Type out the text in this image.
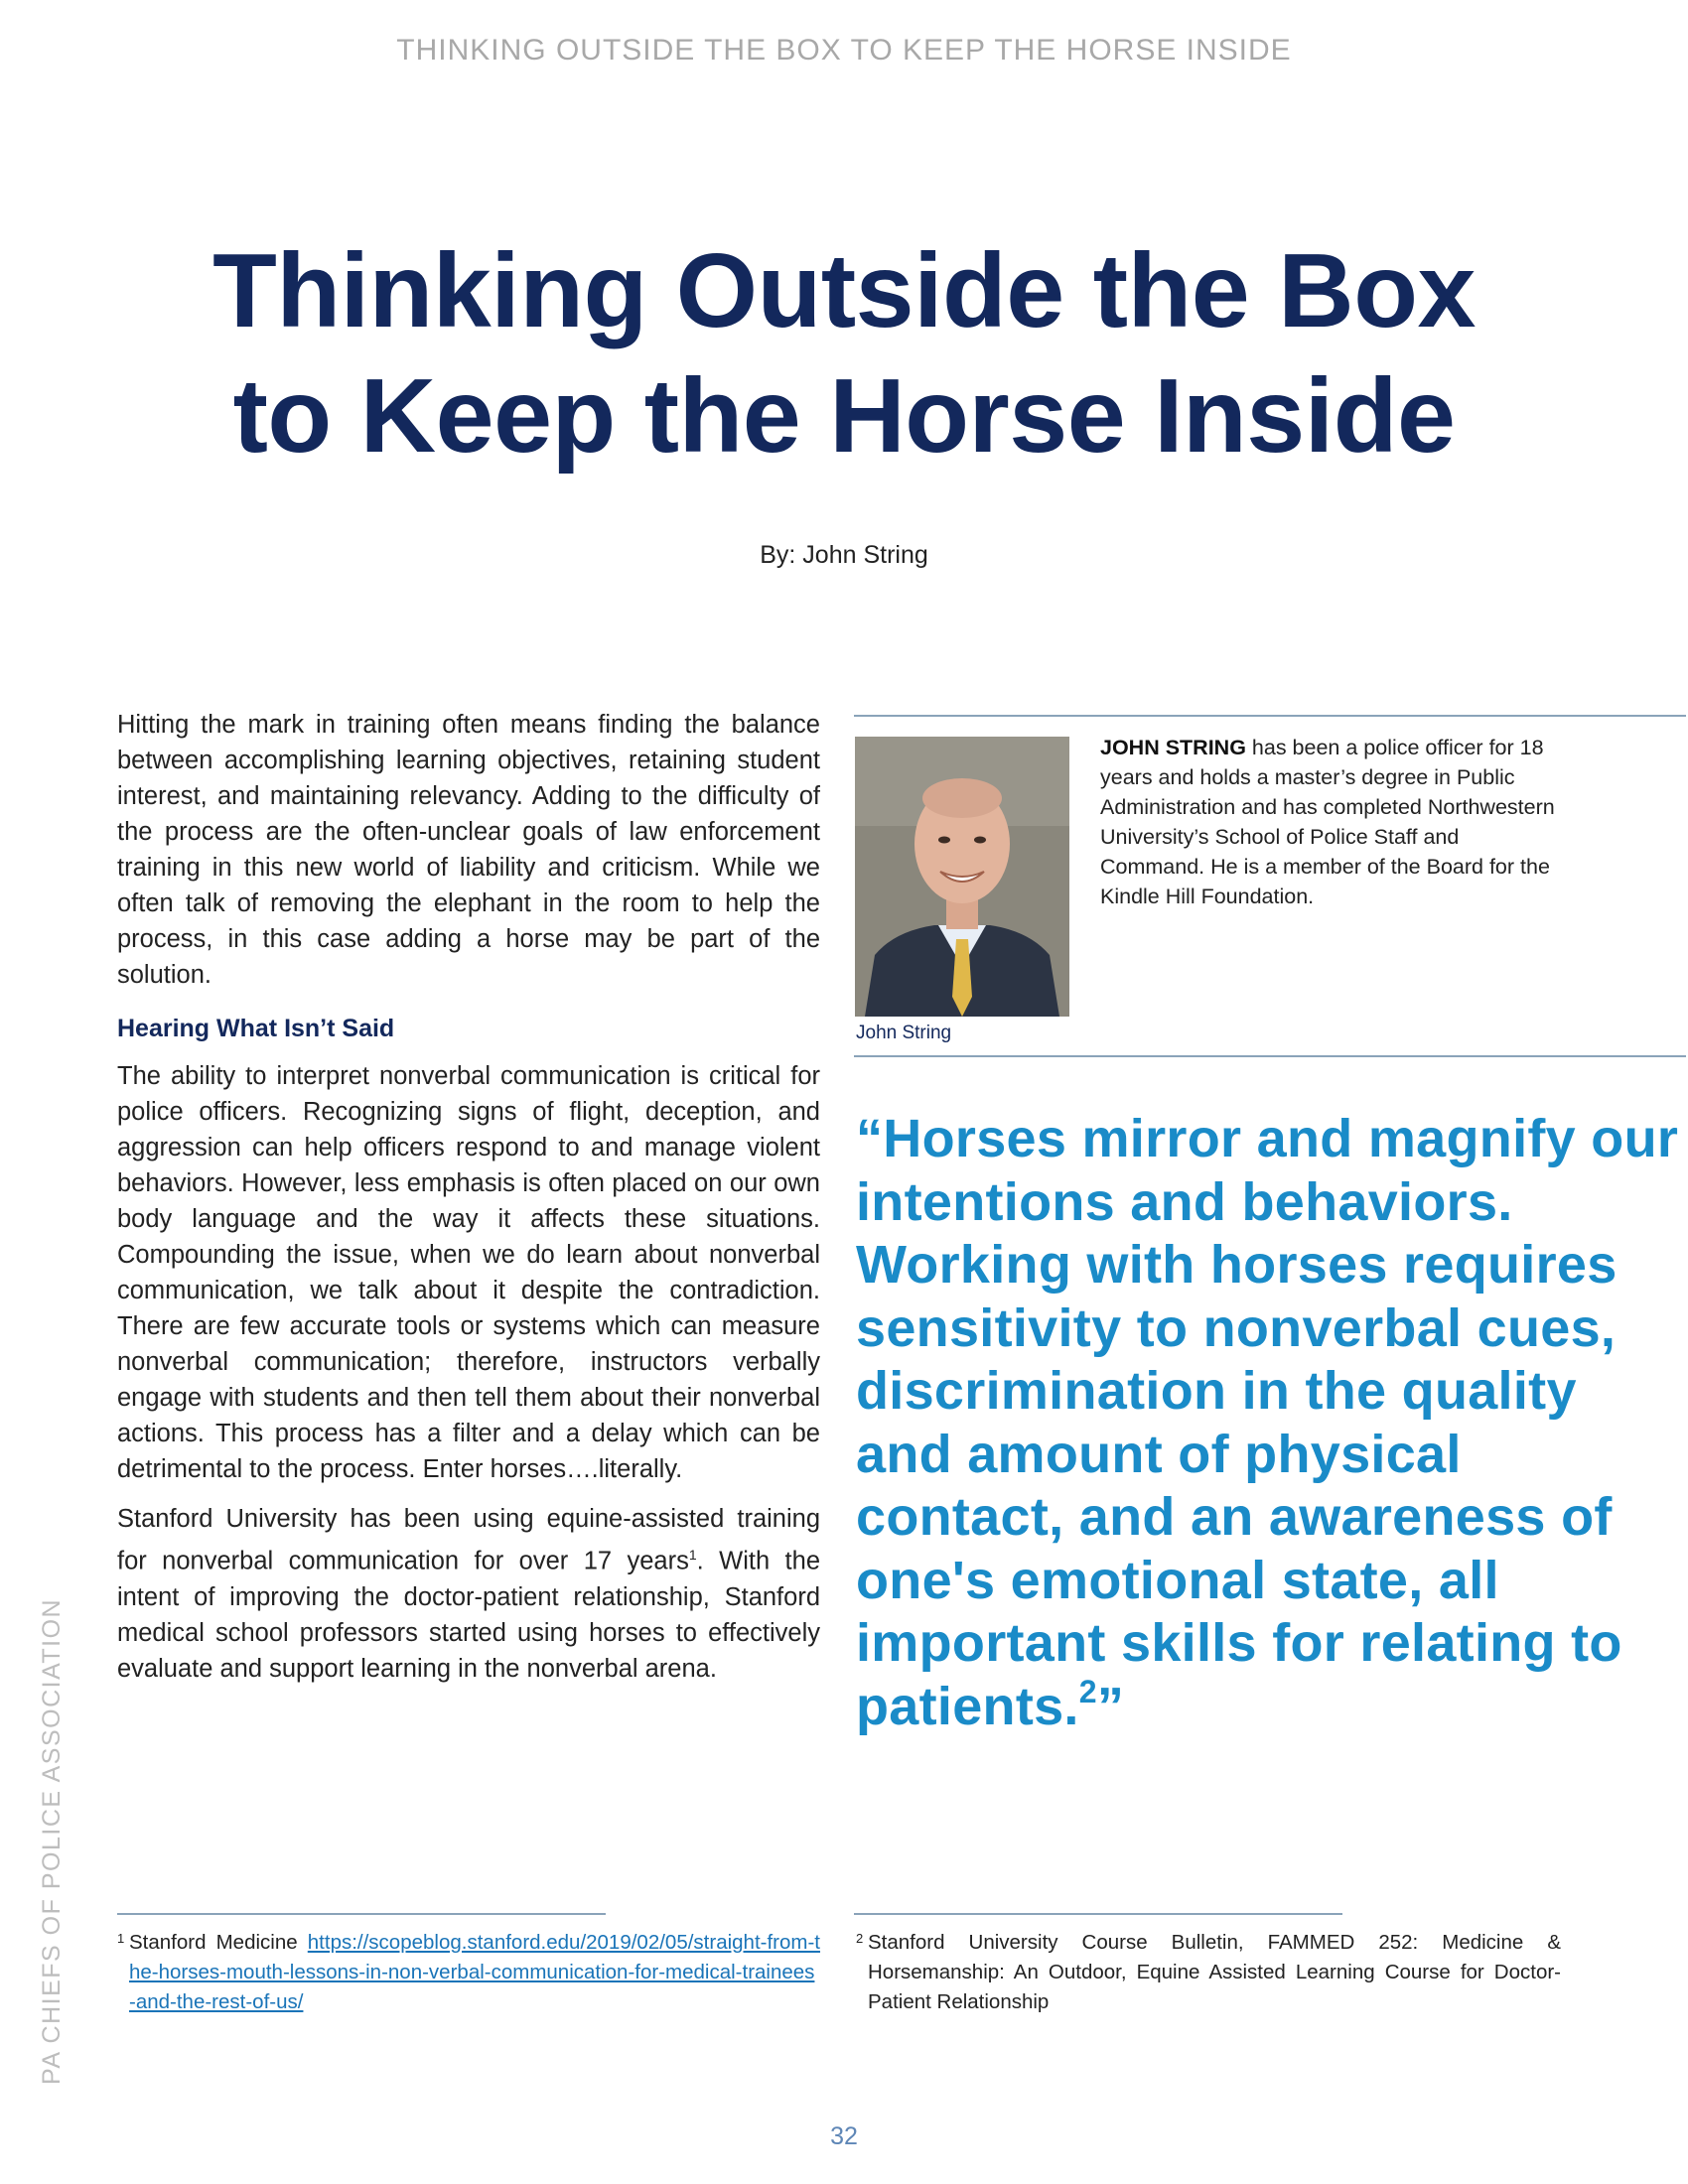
THINKING OUTSIDE THE BOX TO KEEP THE HORSE INSIDE
Thinking Outside the Box
to Keep the Horse Inside
By: John String

Hitting the mark in training often means finding the balance between accomplishing learning objectives, retaining student interest, and maintaining relevancy. Adding to the difficulty of the process are the often-unclear goals of law enforcement training in this new world of liability and criticism. While we often talk of removing the elephant in the room to help the process, in this case adding a horse may be part of the solution.

Hearing What Isn’t Said

The ability to interpret nonverbal communication is critical for police officers. Recognizing signs of flight, deception, and aggression can help officers respond to and manage violent behaviors. However, less emphasis is often placed on our own body language and the way it affects these situations. Compounding the issue, when we do learn about nonverbal communication, we talk about it despite the contradiction. There are few accurate tools or systems which can measure nonverbal communication; therefore, instructors verbally engage with students and then tell them about their nonverbal actions. This process has a filter and a delay which can be detrimental to the process. Enter horses….literally.

Stanford University has been using equine-assisted training for nonverbal communication for over 17 years$^1$. With the intent of improving the doctor-patient relationship, Stanford medical school professors started using horses to effectively evaluate and support learning in the nonverbal arena.

John String
JOHN STRING has been a police officer for 18 years and holds a master’s degree in Public Administration and has completed Northwestern University’s School of Police Staff and Command. He is a member of the Board for the Kindle Hill Foundation.
“Horses mirror and magnify our intentions and behaviors. Working with horses requires sensitivity to nonverbal cues, discrimination in the quality and amount of physical contact, and an awareness of one's emotional state, all important skills for relating to patients.$^2$”
1 Stanford Medicine https://scopeblog.stanford.edu/2019/02/05/straight-from-the-horses-mouth-lessons-in-non-verbal-communication-for-medical-trainees-and-the-rest-of-us/
2 Stanford University Course Bulletin, FAMMED 252: Medicine & Horsemanship: An Outdoor, Equine Assisted Learning Course for Doctor-Patient Relationship
PA CHIEFS OF POLICE ASSOCIATION
32
